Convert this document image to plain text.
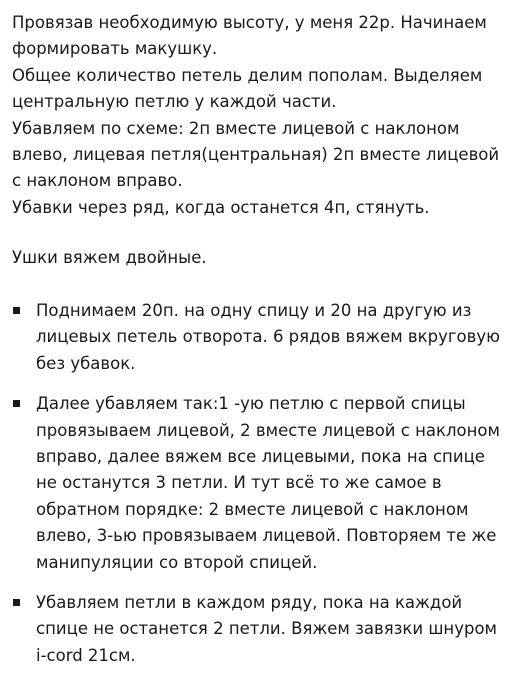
Провязав необходимую высоту, у меня 22р. Начинаем
формировать макушку.
Общее количество петель делим пополам. Выделяем
центральную петлю у каждой части.
Убавляем по схеме: 2п вместе лицевой с наклоном
влево, лицевая петля(центральная) 2п вместе лицевой
с наклоном вправо.
Убавки через ряд, когда останется 4п, стянуть.
Ушки вяжем двойные.
Поднимаем 20п. на одну спицу и 20 на другую из
лицевых петель отворота. 6 рядов вяжем вкруговую
без убавок.
Далее убавляем так:1 -ую петлю с первой спицы
провязываем лицевой, 2 вместе лицевой с наклоном
вправо, далее вяжем все лицевыми, пока на спице
не останутся 3 петли. И тут всё то же самое в
обратном порядке: 2 вместе лицевой с наклоном
влево, 3-ью провязываем лицевой. Повторяем те же
манипуляции со второй спицей.
Убавляем петли в каждом ряду, пока на каждой
спице не останется 2 петли. Вяжем завязки шнуром
i-cord 21см.
